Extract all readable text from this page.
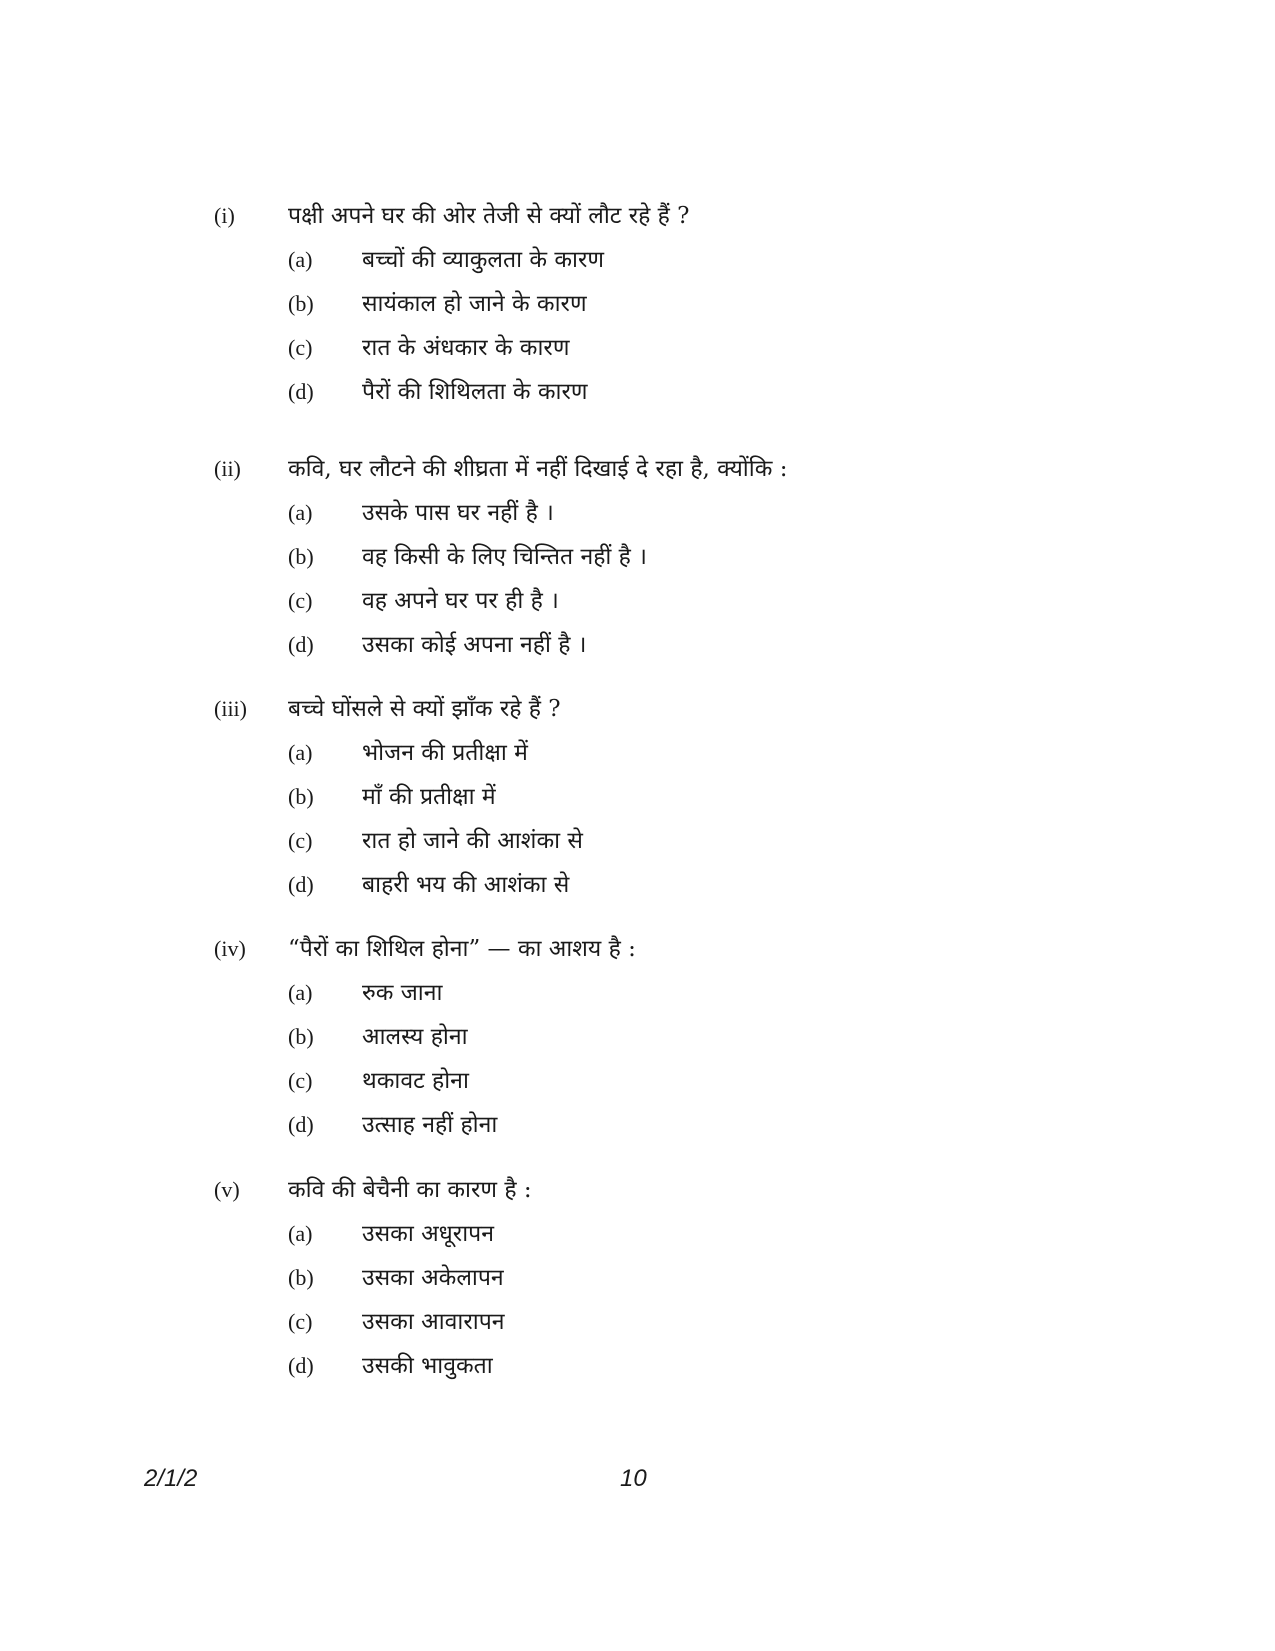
(i) पक्षी अपने घर की ओर तेजी से क्यों लौट रहे हैं ?
(a) बच्चों की व्याकुलता के कारण
(b) सायंकाल हो जाने के कारण
(c) रात के अंधकार के कारण
(d) पैरों की शिथिलता के कारण
(ii) कवि, घर लौटने की शीघ्रता में नहीं दिखाई दे रहा है, क्योंकि :
(a) उसके पास घर नहीं है ।
(b) वह किसी के लिए चिन्तित नहीं है ।
(c) वह अपने घर पर ही है ।
(d) उसका कोई अपना नहीं है ।
(iii) बच्चे घोंसले से क्यों झाँक रहे हैं ?
(a) भोजन की प्रतीक्षा में
(b) माँ की प्रतीक्षा में
(c) रात हो जाने की आशंका से
(d) बाहरी भय की आशंका से
(iv) “पैरों का शिथिल होना” — का आशय है :
(a) रुक जाना
(b) आलस्य होना
(c) थकावट होना
(d) उत्साह नहीं होना
(v) कवि की बेचैनी का कारण है :
(a) उसका अधूरापन
(b) उसका अकेलापन
(c) उसका आवारापन
(d) उसकी भावुकता
2/1/2	10
